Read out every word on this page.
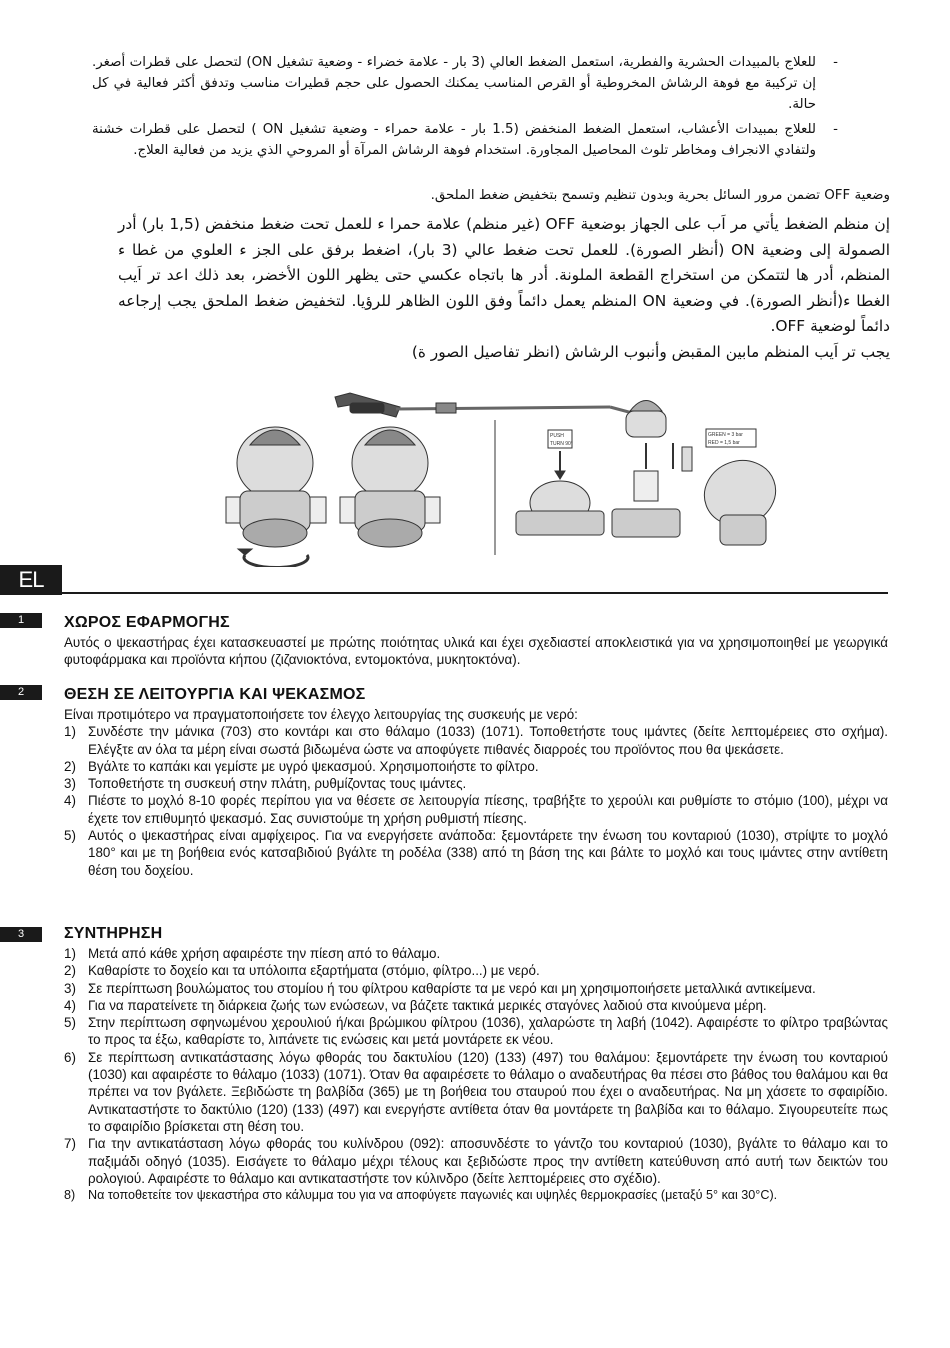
- للعلاج بالمبيدات الحشرية والفطرية، استعمل الضغط العالي (3 بار - علامة خضراء - وضعية تشغيل ON) لتحصل على قطرات أصغر. إن تركيبة مع فوهة الرشاش المخروطية أو القرص المناسب يمكنك الحصول على حجم قطيرات مناسب وتدفق أكثر فعالية في كل حالة.
- للعلاج بمبيدات الأعشاب، استعمل الضغط المنخفض (1.5 بار - علامة حمراء - وضعية تشغيل ON ) لتحصل على قطرات خشنة ولتفادي الانجراف ومخاطر تلوث المحاصيل المجاورة. استخدام فوهة الرشاش المرآة أو المروحي الذي يزيد من فعالية العلاج.
وضعية OFF تضمن مرور السائل بحرية وبدون تنظيم وتسمح بتخفيض ضغط الملحق.

إن منظم الضغط يأتي مر اَب على الجهاز بوضعية OFF (غير منظم) علامة حمرا ء للعمل تحت ضغط منخفض (1,5 بار) أدر الصمولة إلى وضعية ON (أنظر الصورة). للعمل تحت ضغط عالي (3 بار)، اضغط برفق على الجز ء العلوي من غطا ء المنظم، أدر ها لتتمكن من استخراج القطعة الملونة. أدر ها باتجاه عكسي حتى يظهر اللون الأخضر، بعد ذلك اعد تر اَيب الغطا ء(أنظر الصورة). في وضعية ON المنظم يعمل دائماً وفق اللون الظاهر للرؤيا. لتخفيض ضغط الملحق يجب إرجاعه دائماً لوضعية OFF.

يجب تر اَيب المنظم مابين المقبض وأنبوب الرشاش (انظر تفاصيل الصور ة)

PUSH
TURN 90°
GREEN = 3 bar
RED = 1,5 bar
EL
1	ΧΩΡΟΣ ΕΦΑΡΜΟΓΗΣ

Αυτός ο ψεκαστήρας έχει κατασκευαστεί με πρώτης ποιότητας υλικά και έχει σχεδιαστεί αποκλειστικά για να χρησιμοποιηθεί με γεωργικά φυτοφάρμακα και προϊόντα κήπου (ζιζανιοκτόνα, εντομοκτόνα, μυκητοκτόνα).

2	ΘΕΣΗ ΣΕ ΛΕΙΤΟΥΡΓΙΑ ΚΑΙ ΨΕΚΑΣΜΟΣ

Είναι προτιμότερο να πραγματοποιήσετε τον έλεγχο λειτουργίας της συσκευής με νερό:

1) Συνδέστε την μάνικα (703) στο κοντάρι και στο θάλαμο (1033) (1071). Τοποθετήστε τους ιμάντες (δείτε λεπτομέρειες στο σχήμα). Ελέγξτε αν όλα τα μέρη είναι σωστά βιδωμένα ώστε να αποφύγετε πιθανές διαρροές του προϊόντος που θα ψεκάσετε.
2) Βγάλτε το καπάκι και γεμίστε με υγρό ψεκασμού. Χρησιμοποιήστε το φίλτρο.
3) Τοποθετήστε τη συσκευή στην πλάτη, ρυθμίζοντας τους ιμάντες.
4) Πιέστε το μοχλό 8-10 φορές περίπου για να θέσετε σε λειτουργία πίεσης, τραβήξτε το χερούλι και ρυθμίστε το στόμιο (100), μέχρι να έχετε τον επιθυμητό ψεκασμό. Σας συνιστούμε τη χρήση ρυθμιστή πίεσης.
5) Αυτός ο ψεκαστήρας είναι αμφίχειρος. Για να ενεργήσετε ανάποδα: ξεμοντάρετε την ένωση του κονταριού (1030), στρίψτε το μοχλό 180° και με τη βοήθεια ενός κατσαβιδιού βγάλτε τη ροδέλα (338) από τη βάση της και βάλτε το μοχλό και τους ιμάντες στην αντίθετη θέση του δοχείου.
3	ΣΥΝΤΗΡΗΣΗ
1) Μετά από κάθε χρήση αφαιρέστε την πίεση από το θάλαμο.
2) Καθαρίστε το δοχείο και τα υπόλοιπα εξαρτήματα (στόμιο, φίλτρο...) με νερό.
3) Σε περίπτωση βουλώματος του στομίου ή του φίλτρου καθαρίστε τα με νερό και μη χρησιμοποιήσετε μεταλλικά αντικείμενα.
4) Για να παρατείνετε τη διάρκεια ζωής των ενώσεων, να βάζετε τακτικά μερικές σταγόνες λαδιού στα κινούμενα μέρη.
5) Στην περίπτωση σφηνωμένου χερουλιού ή/και βρώμικου φίλτρου (1036), χαλαρώστε τη λαβή (1042). Αφαιρέστε το φίλτρο τραβώντας το προς τα έξω, καθαρίστε το, λιπάνετε τις ενώσεις και μετά μοντάρετε εκ νέου.
6) Σε περίπτωση αντικατάστασης λόγω φθοράς του δακτυλίου (120) (133) (497) του θαλάμου: ξεμοντάρετε την ένωση του κονταριού (1030) και αφαιρέστε το θάλαμο (1033) (1071). Όταν θα αφαιρέσετε το θάλαμο ο αναδευτήρας θα πέσει στο βάθος του θαλάμου και θα πρέπει να τον βγάλετε. Ξεβιδώστε τη βαλβίδα (365) με τη βοήθεια του σταυρού που έχει ο αναδευτήρας. Να μη χάσετε το σφαιρίδιο. Αντικαταστήστε το δακτύλιο (120) (133) (497) και ενεργήστε αντίθετα όταν θα μοντάρετε τη βαλβίδα και το θάλαμο. Σιγουρευτείτε πως το σφαιρίδιο βρίσκεται στη θέση του.
7) Για την αντικατάσταση λόγω φθοράς του κυλίνδρου (092): αποσυνδέστε το γάντζο του κονταριού (1030), βγάλτε το θάλαμο και το παξιμάδι οδηγό (1035). Εισάγετε το θάλαμο μέχρι τέλους και ξεβιδώστε προς την αντίθετη κατεύθυνση από αυτή των δεικτών του ρολογιού. Αφαιρέστε το θάλαμο και αντικαταστήστε τον κύλινδρο (δείτε λεπτομέρειες στο σχέδιο).
8) Να τοποθετείτε τον ψεκαστήρα στο κάλυμμα του για να αποφύγετε παγωνιές και υψηλές θερμοκρασίες (μεταξύ 5° και 30°C).
